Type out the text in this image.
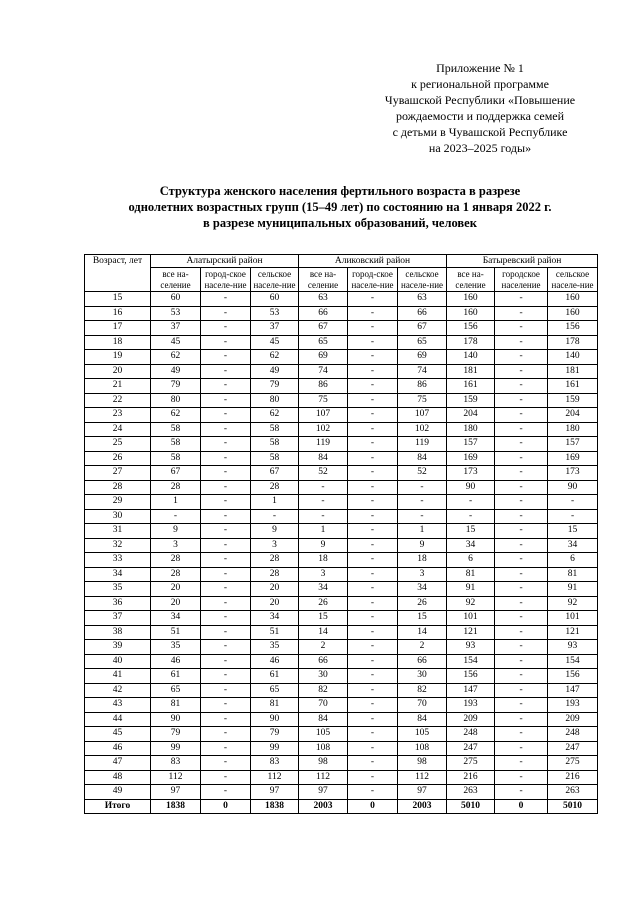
Приложение № 1
к региональной программе
Чувашской Республики «Повышение
рождаемости и поддержка семей
с детьми в Чувашской Республике
на 2023–2025 годы»
Структура женского населения фертильного возраста в разрезе
однолетних возрастных групп (15–49 лет) по состоянию на 1 января 2022 г.
в разрезе муниципальных образований, человек
Возраст, лет	Алатырский район			Аликовский район			Батыревский район		
	все на-селение	город-ское населе-ние	сельское населе-ние	все на-селение	город-ское населе-ние	сельское населе-ние	все на-селение	городское население	сельское населе-ние
15	60	-	60	63	-	63	160	-	160
16	53	-	53	66	-	66	160	-	160
17	37	-	37	67	-	67	156	-	156
18	45	-	45	65	-	65	178	-	178
19	62	-	62	69	-	69	140	-	140
20	49	-	49	74	-	74	181	-	181
21	79	-	79	86	-	86	161	-	161
22	80	-	80	75	-	75	159	-	159
23	62	-	62	107	-	107	204	-	204
24	58	-	58	102	-	102	180	-	180
25	58	-	58	119	-	119	157	-	157
26	58	-	58	84	-	84	169	-	169
27	67	-	67	52	-	52	173	-	173
28	28	-	28	-	-	-	90	-	90
29	1	-	1	-	-	-	-	-	-
30	-	-	-	-	-	-	-	-	-
31	9	-	9	1	-	1	15	-	15
32	3	-	3	9	-	9	34	-	34
33	28	-	28	18	-	18	6	-	6
34	28	-	28	3	-	3	81	-	81
35	20	-	20	34	-	34	91	-	91
36	20	-	20	26	-	26	92	-	92
37	34	-	34	15	-	15	101	-	101
38	51	-	51	14	-	14	121	-	121
39	35	-	35	2	-	2	93	-	93
40	46	-	46	66	-	66	154	-	154
41	61	-	61	30	-	30	156	-	156
42	65	-	65	82	-	82	147	-	147
43	81	-	81	70	-	70	193	-	193
44	90	-	90	84	-	84	209	-	209
45	79	-	79	105	-	105	248	-	248
46	99	-	99	108	-	108	247	-	247
47	83	-	83	98	-	98	275	-	275
48	112	-	112	112	-	112	216	-	216
49	97	-	97	97	-	97	263	-	263
Итого	1838	0	1838	2003	0	2003	5010	0	5010
